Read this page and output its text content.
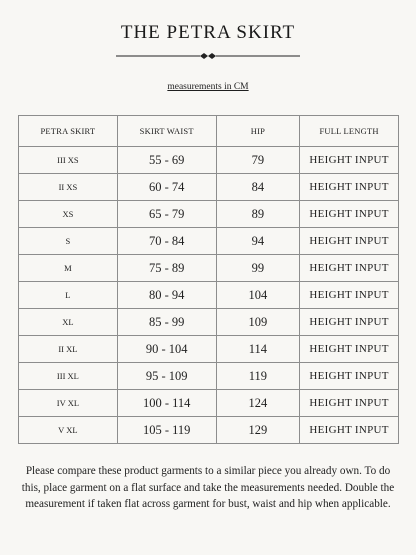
THE PETRA SKIRT
measurements in CM
PETRA SKIRT	SKIRT WAIST	HIP	FULL LENGTH
III XS	55 - 69	79	HEIGHT INPUT
II XS	60 - 74	84	HEIGHT INPUT
XS	65 - 79	89	HEIGHT INPUT
S	70 - 84	94	HEIGHT INPUT
M	75 - 89	99	HEIGHT INPUT
L	80 - 94	104	HEIGHT INPUT
XL	85 - 99	109	HEIGHT INPUT
II XL	90 - 104	114	HEIGHT INPUT
III XL	95 - 109	119	HEIGHT INPUT
IV XL	100 - 114	124	HEIGHT INPUT
V XL	105 - 119	129	HEIGHT INPUT
Please compare these product garments to a similar piece you already own. To do this, place garment on a flat surface and take the measurements needed. Double the measurement if taken flat across garment for bust, waist and hip when applicable.
